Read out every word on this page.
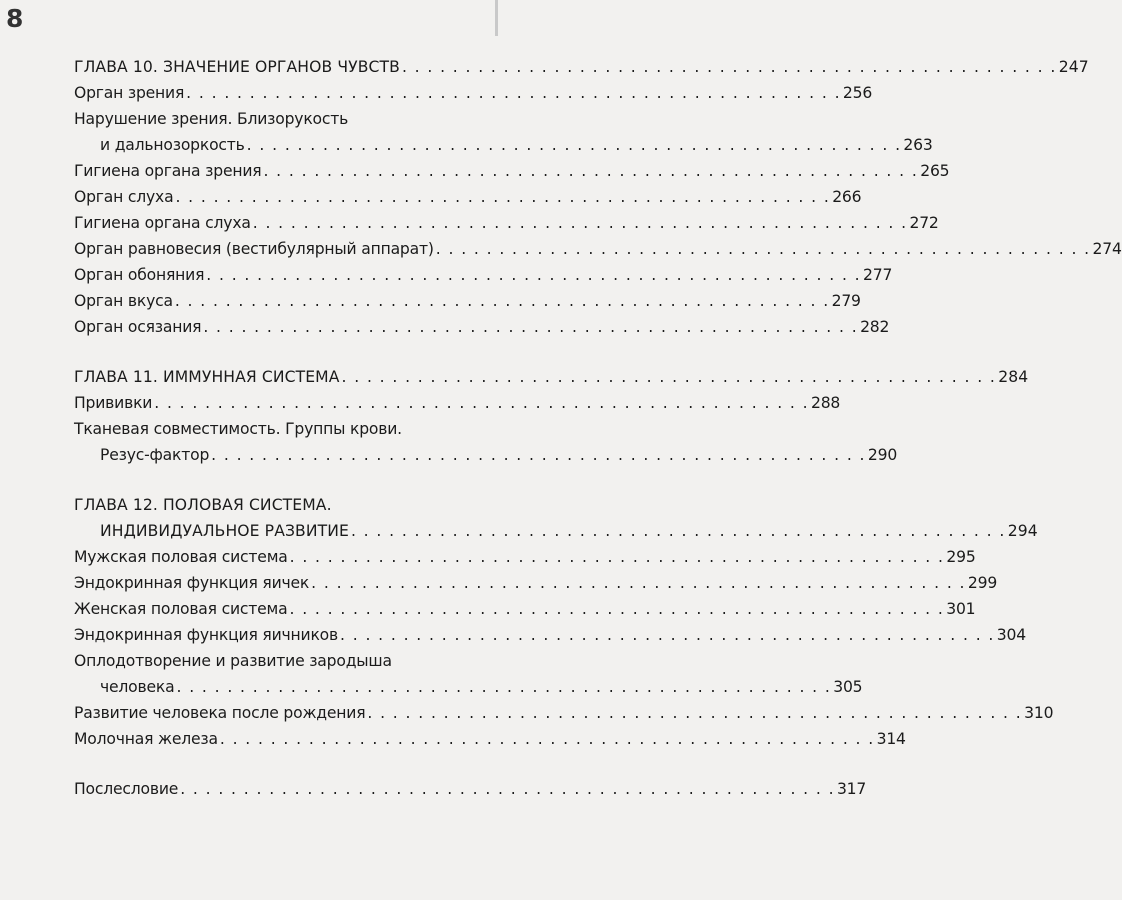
8
ГЛАВА 10. ЗНАЧЕНИЕ ОРГАНОВ ЧУВСТВ . . . . . . . . . . . . . . . . . . . . . . . . . . . . . . . . . . . . . . . . . . . . . . . . . . . . 247
Орган зрения . . . . . . . . . . . . . . . . . . . . . . . . . . . . . . . . . . . . . . . . . . . . . . . . . . . . 256
Нарушение зрения. Близорукость
и дальнозоркость . . . . . . . . . . . . . . . . . . . . . . . . . . . . . . . . . . . . . . . . . . . . . . . . . . . . 263
Гигиена органа зрения . . . . . . . . . . . . . . . . . . . . . . . . . . . . . . . . . . . . . . . . . . . . . . . . . . . . 265
Орган слуха . . . . . . . . . . . . . . . . . . . . . . . . . . . . . . . . . . . . . . . . . . . . . . . . . . . . 266
Гигиена органа слуха . . . . . . . . . . . . . . . . . . . . . . . . . . . . . . . . . . . . . . . . . . . . . . . . . . . . 272
Орган равновесия (вестибулярный аппарат) . . . . . . . . . . . . . . . . . . . . . . . . . . . . . . . . . . . . . . . . . . . . . . . . . . . . 274
Орган обоняния . . . . . . . . . . . . . . . . . . . . . . . . . . . . . . . . . . . . . . . . . . . . . . . . . . . . 277
Орган вкуса . . . . . . . . . . . . . . . . . . . . . . . . . . . . . . . . . . . . . . . . . . . . . . . . . . . . 279
Орган осязания . . . . . . . . . . . . . . . . . . . . . . . . . . . . . . . . . . . . . . . . . . . . . . . . . . . . 282
ГЛАВА 11. ИММУННАЯ СИСТЕМА . . . . . . . . . . . . . . . . . . . . . . . . . . . . . . . . . . . . . . . . . . . . . . . . . . . . 284
Прививки . . . . . . . . . . . . . . . . . . . . . . . . . . . . . . . . . . . . . . . . . . . . . . . . . . . . 288
Тканевая совместимость. Группы крови.
Резус-фактор . . . . . . . . . . . . . . . . . . . . . . . . . . . . . . . . . . . . . . . . . . . . . . . . . . . . 290
ГЛАВА 12. ПОЛОВАЯ СИСТЕМА.
ИНДИВИДУАЛЬНОЕ РАЗВИТИЕ . . . . . . . . . . . . . . . . . . . . . . . . . . . . . . . . . . . . . . . . . . . . . . . . . . . . 294
Мужская половая система . . . . . . . . . . . . . . . . . . . . . . . . . . . . . . . . . . . . . . . . . . . . . . . . . . . . 295
Эндокринная функция яичек . . . . . . . . . . . . . . . . . . . . . . . . . . . . . . . . . . . . . . . . . . . . . . . . . . . . 299
Женская половая система . . . . . . . . . . . . . . . . . . . . . . . . . . . . . . . . . . . . . . . . . . . . . . . . . . . . 301
Эндокринная функция яичников . . . . . . . . . . . . . . . . . . . . . . . . . . . . . . . . . . . . . . . . . . . . . . . . . . . . 304
Оплодотворение и развитие зародыша
человека . . . . . . . . . . . . . . . . . . . . . . . . . . . . . . . . . . . . . . . . . . . . . . . . . . . . 305
Развитие человека после рождения . . . . . . . . . . . . . . . . . . . . . . . . . . . . . . . . . . . . . . . . . . . . . . . . . . . . 310
Молочная железа . . . . . . . . . . . . . . . . . . . . . . . . . . . . . . . . . . . . . . . . . . . . . . . . . . . . 314
Послесловие . . . . . . . . . . . . . . . . . . . . . . . . . . . . . . . . . . . . . . . . . . . . . . . . . . . . 317
